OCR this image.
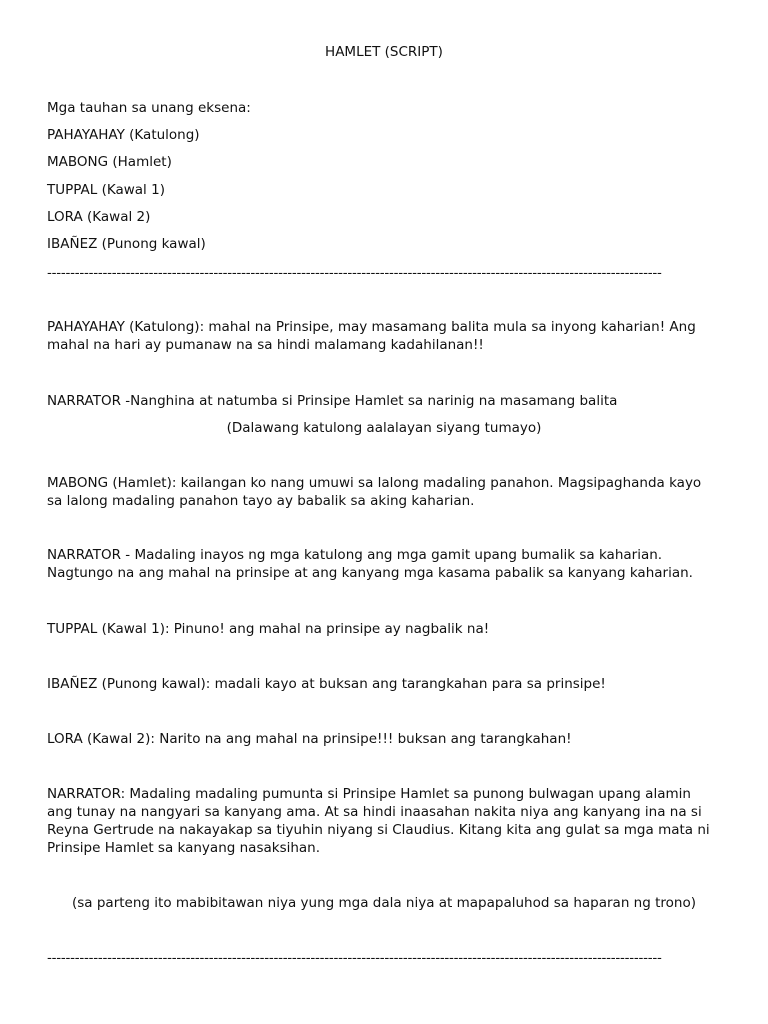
HAMLET (SCRIPT)
Mga tauhan sa unang eksena:
PAHAYAHAY (Katulong)
MABONG (Hamlet)
TUPPAL (Kawal 1)
LORA (Kawal 2)
IBAÑEZ (Punong kawal)
-------------------------------------------------------------------------------------------------------------------------------------
PAHAYAHAY (Katulong): mahal na Prinsipe, may masamang balita mula sa inyong kaharian! Ang mahal na hari ay pumanaw na sa hindi malamang kadahilanan!!
NARRATOR -Nanghina at natumba si Prinsipe Hamlet sa narinig na masamang balita
(Dalawang katulong aalalayan siyang tumayo)
MABONG (Hamlet): kailangan ko nang umuwi sa lalong madaling panahon. Magsipaghanda kayo sa lalong madaling panahon tayo ay babalik sa aking kaharian.
NARRATOR - Madaling inayos ng mga katulong ang mga gamit upang bumalik sa kaharian. Nagtungo na ang mahal na prinsipe at ang kanyang mga kasama pabalik sa kanyang kaharian.
TUPPAL (Kawal 1): Pinuno! ang mahal na prinsipe ay nagbalik na!
IBAÑEZ (Punong kawal): madali kayo at buksan ang tarangkahan para sa prinsipe!
LORA (Kawal 2): Narito na ang mahal na prinsipe!!! buksan ang tarangkahan!
NARRATOR: Madaling madaling pumunta si Prinsipe Hamlet sa punong bulwagan upang alamin ang tunay na nangyari sa kanyang ama. At sa hindi inaasahan nakita niya ang kanyang ina na si Reyna Gertrude na nakayakap sa tiyuhin niyang si Claudius. Kitang kita ang gulat sa mga mata ni Prinsipe Hamlet sa kanyang nasaksihan.
(sa parteng ito mabibitawan niya yung mga dala niya at mapapaluhod sa haparan ng trono)
-------------------------------------------------------------------------------------------------------------------------------------
